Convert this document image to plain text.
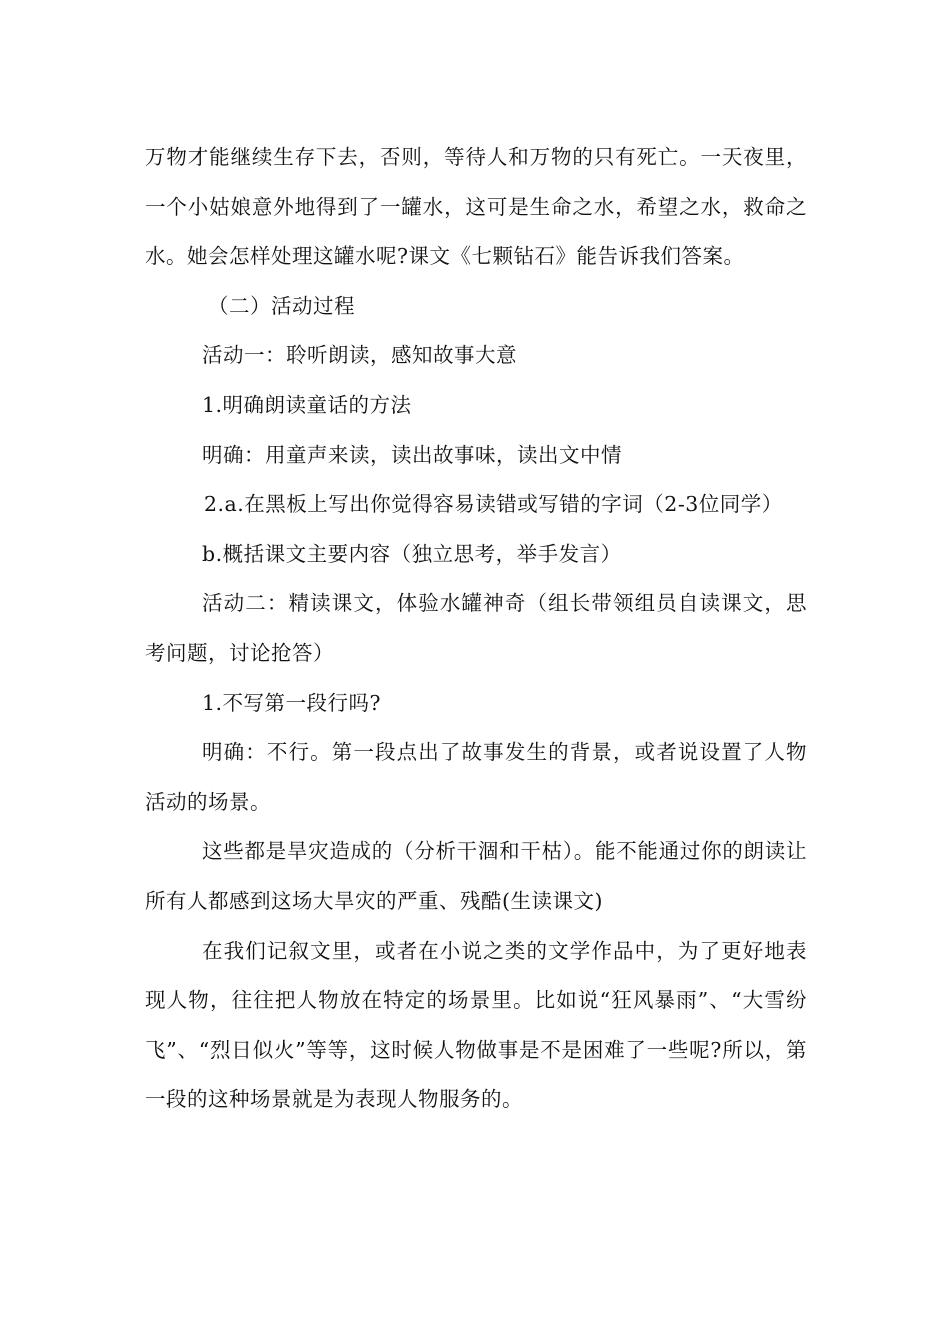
万物才能继续生存下去，否则，等待人和万物的只有死亡。一天夜里，一个小姑娘意外地得到了一罐水，这可是生命之水，希望之水，救命之水。她会怎样处理这罐水呢?课文《七颗钻石》能告诉我们答案。

（二）活动过程

活动一：聆听朗读，感知故事大意

1.明确朗读童话的方法

明确：用童声来读，读出故事味，读出文中情

2.a.在黑板上写出你觉得容易读错或写错的字词（2-3位同学）

b.概括课文主要内容（独立思考，举手发言）

活动二：精读课文，体验水罐神奇（组长带领组员自读课文，思考问题，讨论抢答）

1.不写第一段行吗?

明确：不行。第一段点出了故事发生的背景，或者说设置了人物活动的场景。

这些都是旱灾造成的（分析干涸和干枯）。能不能通过你的朗读让所有人都感到这场大旱灾的严重、残酷(生读课文)

在我们记叙文里，或者在小说之类的文学作品中，为了更好地表现人物，往往把人物放在特定的场景里。比如说“狂风暴雨”、“大雪纷飞”、“烈日似火”等等，这时候人物做事是不是困难了一些呢?所以，第一段的这种场景就是为表现人物服务的。
